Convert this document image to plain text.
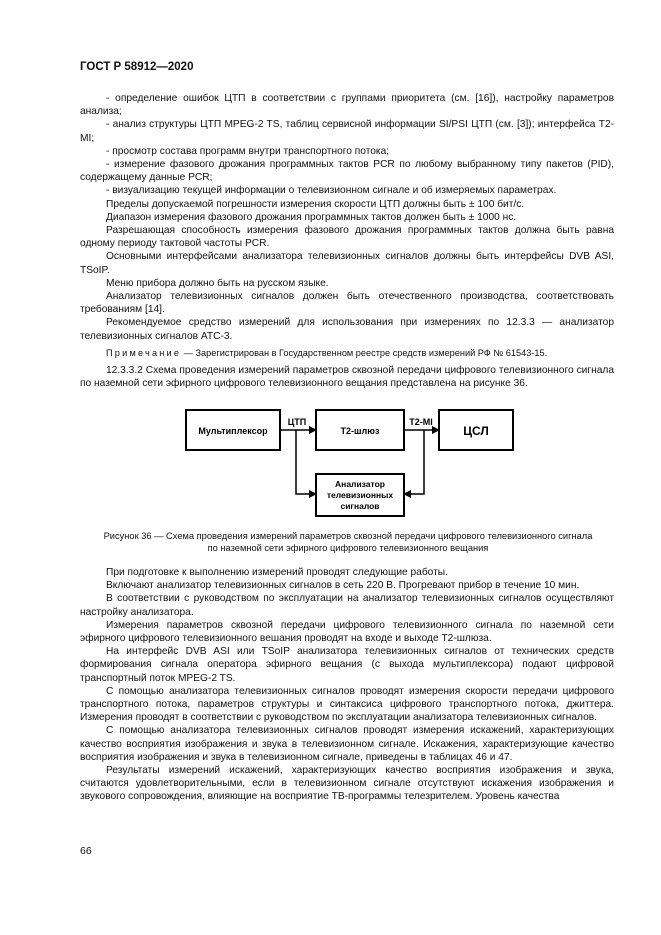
ГОСТ Р 58912—2020

- определение ошибок ЦТП в соответствии с группами приоритета (см. [16]), настройку параметров анализа;

- анализ структуры ЦТП MPEG-2 TS, таблиц сервисной информации SI/PSI ЦТП (см. [3]); интерфейса T2-MI;

- просмотр состава программ внутри транспортного потока;

- измерение фазового дрожания программных тактов PCR по любому выбранному типу пакетов (PID), содержащему данные PCR;

- визуализацию текущей информации о телевизионном сигнале и об измеряемых параметрах.

Пределы допускаемой погрешности измерения скорости ЦТП должны быть ± 100 бит/с.

Диапазон измерения фазового дрожания программных тактов должен быть ± 1000 нс.

Разрешающая способность измерения фазового дрожания программных тактов должна быть равна одному периоду тактовой частоты PCR.

Основными интерфейсами анализатора телевизионных сигналов должны быть интерфейсы DVB ASI, TSoIP.

Меню прибора должно быть на русском языке.

Анализатор телевизионных сигналов должен быть отечественного производства, соответствовать требованиям [14].

Рекомендуемое средство измерений для использования при измерениях по 12.3.3 — анализатор телевизионных сигналов АТС-3.

Примечание — Зарегистрирован в Государственном реестре средств измерений РФ № 61543-15.

12.3.3.2 Схема проведения измерений параметров сквозной передачи цифрового телевизионного сигнала по наземной сети эфирного цифрового телевизионного вещания представлена на рисунке 36.

Мультиплексор
ЦТП
Т2-шлюз
T2-MI
ЦСЛ
Анализатор
телевизионных
сигналов
Рисунок 36 — Схема проведения измерений параметров сквозной передачи цифрового телевизионного сигнала
по наземной сети эфирного цифрового телевизионного вещания

При подготовке к выполнению измерений проводят следующие работы.

Включают анализатор телевизионных сигналов в сеть 220 В. Прогревают прибор в течение 10 мин.

В соответствии с руководством по эксплуатации на анализатор телевизионных сигналов осуществляют настройку анализатора.

Измерения параметров сквозной передачи цифрового телевизионного сигнала по наземной сети эфирного цифрового телевизионного вешания проводят на входе и выходе Т2-шлюза.

На интерфейс DVB ASI или TSoIP анализатора телевизионных сигналов от технических средств формирования сигнала оператора эфирного вещания (с выхода мультиплексора) подают цифровой транспортный поток MPEG-2 TS.

С помощью анализатора телевизионных сигналов проводят измерения скорости передачи цифрового транспортного потока, параметров структуры и синтаксиса цифрового транспортного потока, джиттера. Измерения проводят в соответствии с руководством по эксплуатации анализатора телевизионных сигналов.

С помощью анализатора телевизионных сигналов проводят измерения искажений, характеризующих качество восприятия изображения и звука в телевизионном сигнале. Искажения, характеризующие качество восприятия изображения и звука в телевизионном сигнале, приведены в таблицах 46 и 47.

Результаты измерений искажений, характеризующих качество восприятия изображения и звука, считаются удовлетворительными, если в телевизионном сигнале отсутствуют искажения изображения и звукового сопровождения, влияющие на восприятие ТВ-программы телезрителем. Уровень качества

66
